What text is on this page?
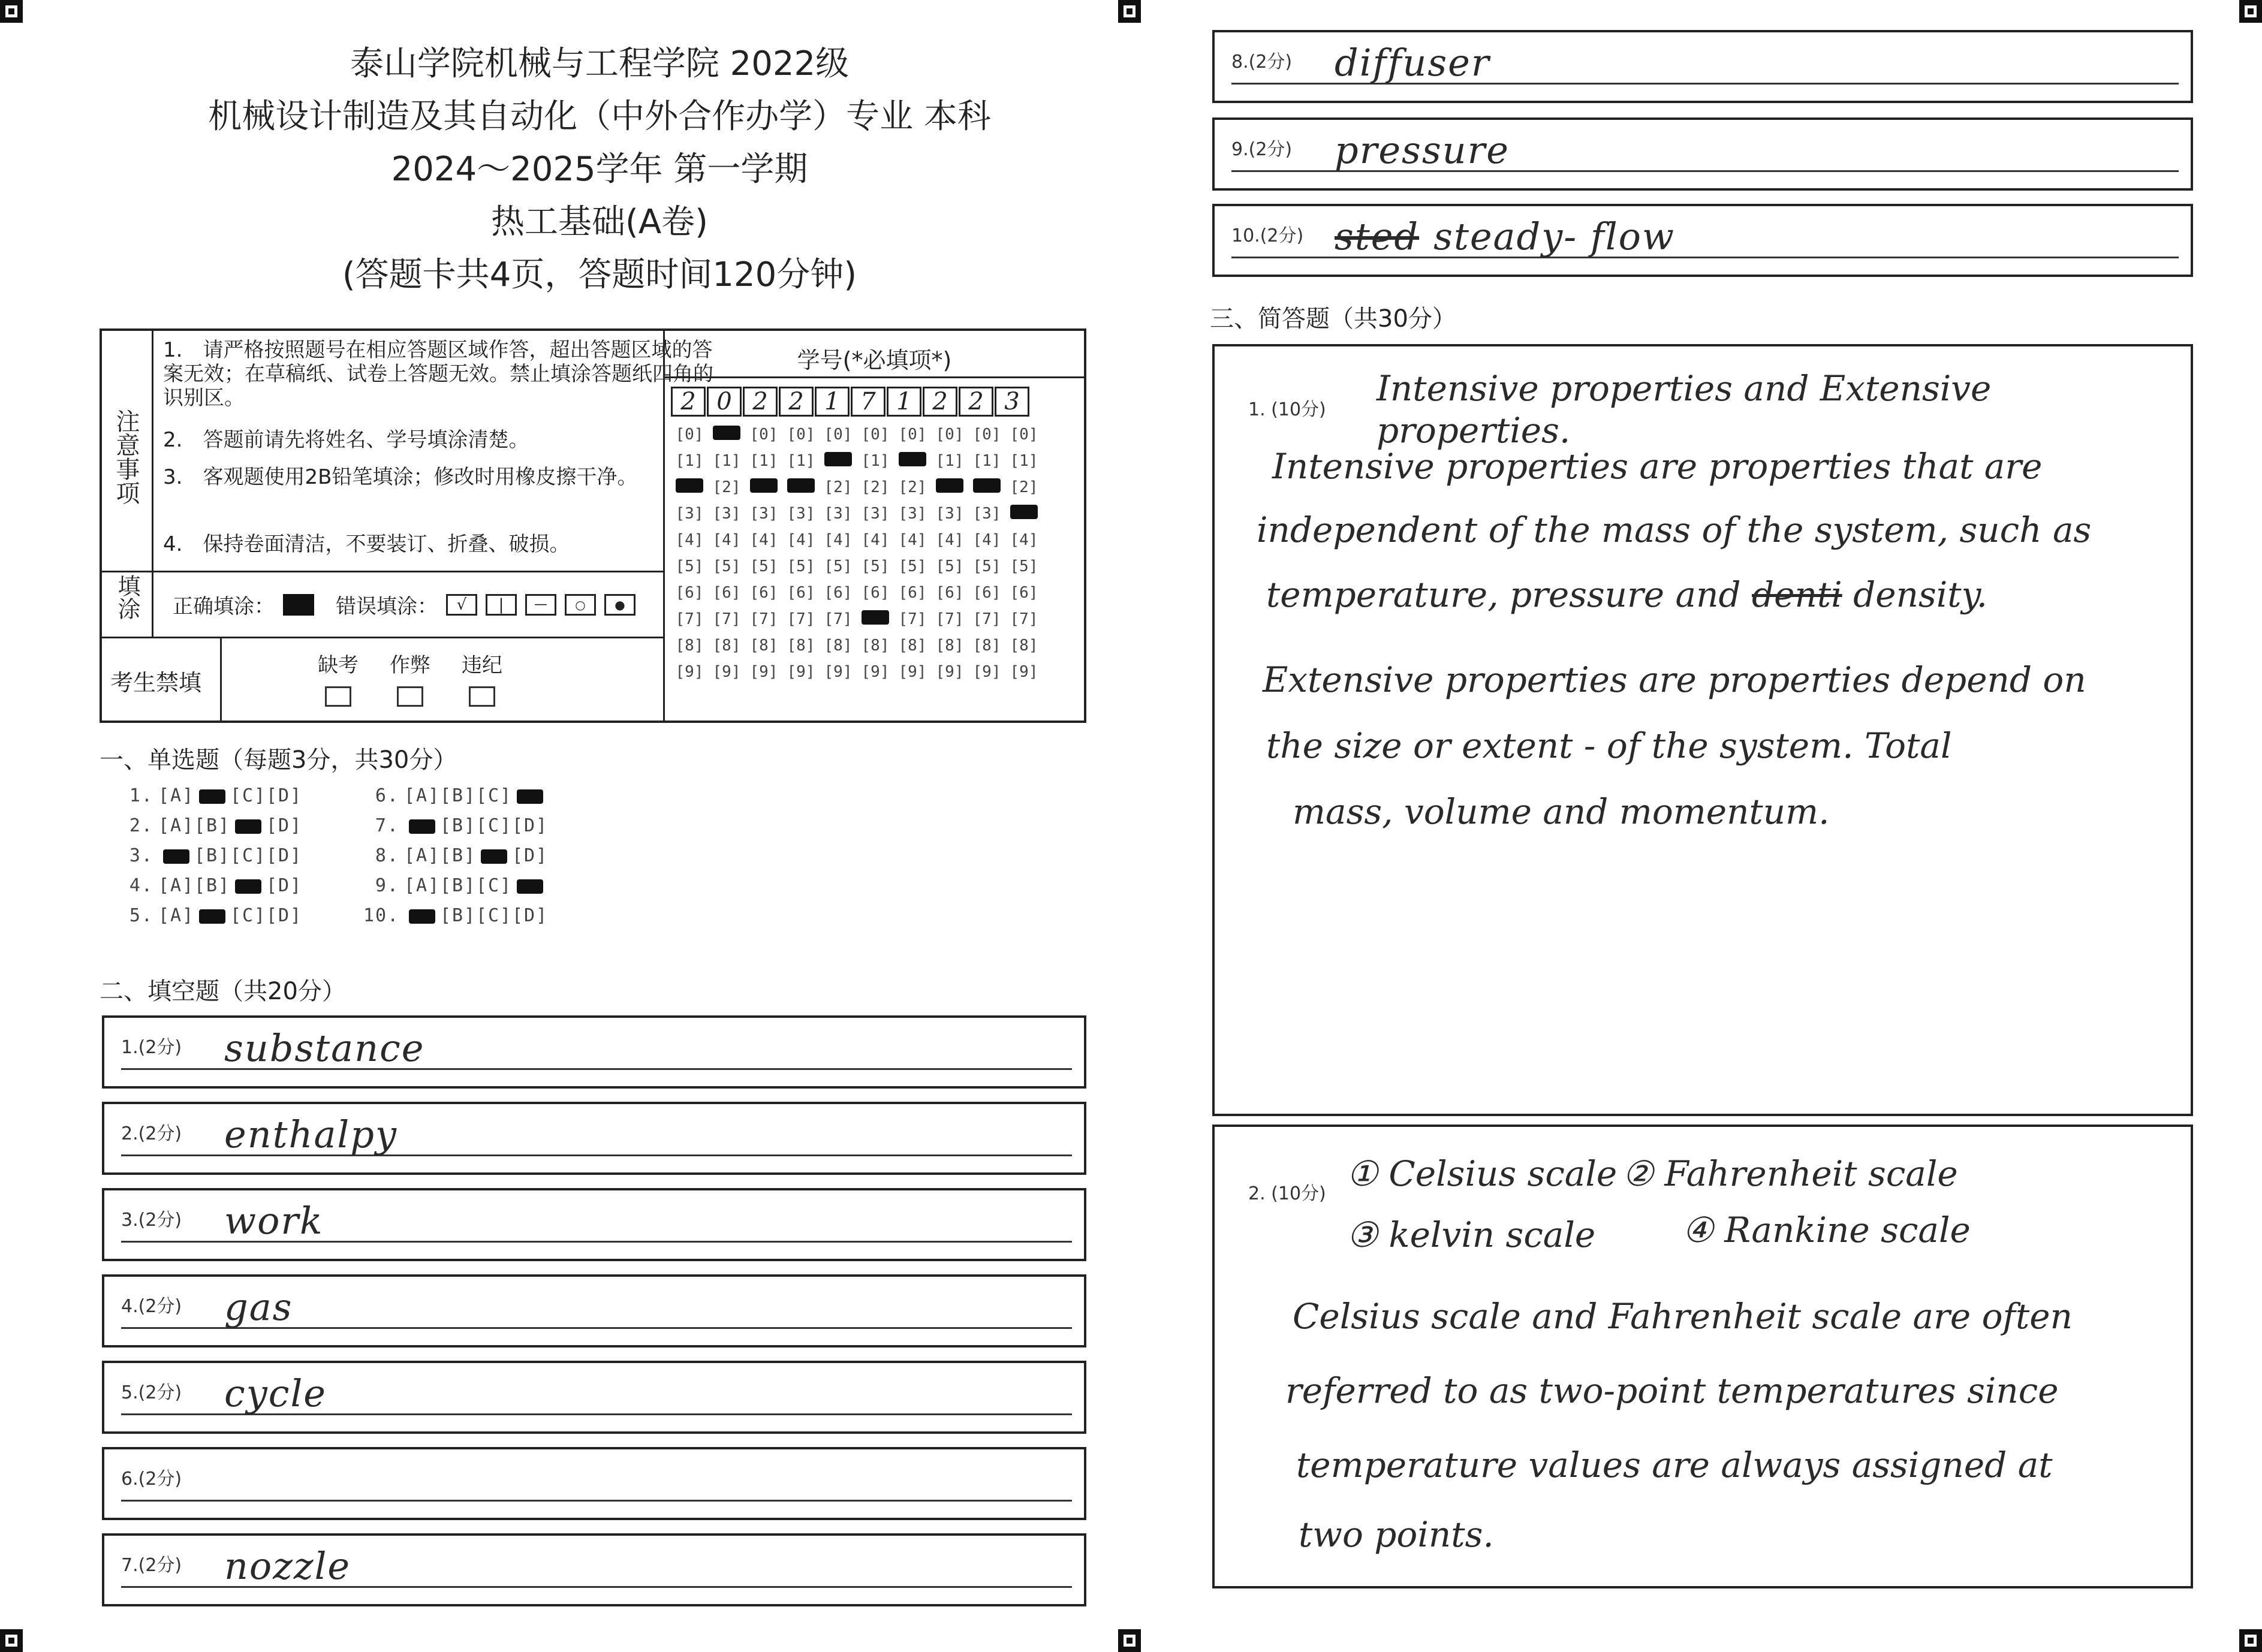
泰山学院机械与工程学院 2022级
机械设计制造及其自动化（中外合作办学）专业 本科
2024～2025学年 第一学期
热工基础(A卷)
(答题卡共4页，答题时间120分钟)
注意事项
1.　请严格按照题号在相应答题区域作答，超出答题区域的答案无效；在草稿纸、试卷上答题无效。禁止填涂答题纸四角的识别区。
2.　答题前请先将姓名、学号填涂清楚。
3.　客观题使用2B铅笔填涂；修改时用橡皮擦干净。
4.　保持卷面清洁，不要装订、折叠、破损。
填涂 正确填涂：	错误填涂：	√	|	—	○	●
考生禁填
缺考 作弊 违纪
学号(*必填项*)
2 0 2 2 1 7 1 2 2 3
[0]		[0]	[0]	[0]	[0]	[0]	[0]	[0]	[0]
[1]	[1]	[1]	[1]		[1]		[1]	[1]	[1]
	[2]			[2]	[2]	[2]			[2]
[3]	[3]	[3]	[3]	[3]	[3]	[3]	[3]	[3]	
[4]	[4]	[4]	[4]	[4]	[4]	[4]	[4]	[4]	[4]
[5]	[5]	[5]	[5]	[5]	[5]	[5]	[5]	[5]	[5]
[6]	[6]	[6]	[6]	[6]	[6]	[6]	[6]	[6]	[6]
[7]	[7]	[7]	[7]	[7]		[7]	[7]	[7]	[7]
[8]	[8]	[8]	[8]	[8]	[8]	[8]	[8]	[8]	[8]
[9]	[9]	[9]	[9]	[9]	[9]	[9]	[9]	[9]	[9]
一、单选题（每题3分，共30分）
1. [A] [C][D]
2. [A][B] [D]
3. [B][C][D]
4. [A][B] [D]
5. [A] [C][D]
6. [A][B][C]
7. [B][C][D]
8. [A][B] [D]
9. [A][B][C]
10. [B][C][D]
二、填空题（共20分）
三、简答题（共30分）
1. (10分)
Intensive properties and Extensive properties.
Intensive properties are properties that are
independent of the mass of the system, such as
temperature, pressure and denti density.
Extensive properties are properties depend on
the size or extent - of the system. Total
mass, volume and momentum.
2. (10分) ① Celsius scale ② Fahrenheit scale
③ kelvin scale ④ Rankine scale
Celsius scale and Fahrenheit scale are often
referred to as two-point temperatures since
temperature values are always assigned at
two points.
1.(2分) substance
2.(2分) enthalpy
3.(2分) work
4.(2分) gas
5.(2分) cycle
6.(2分)
7.(2分) nozzle
8.(2分) diffuser
9.(2分) pressure
10.(2分) sted steady- flow
